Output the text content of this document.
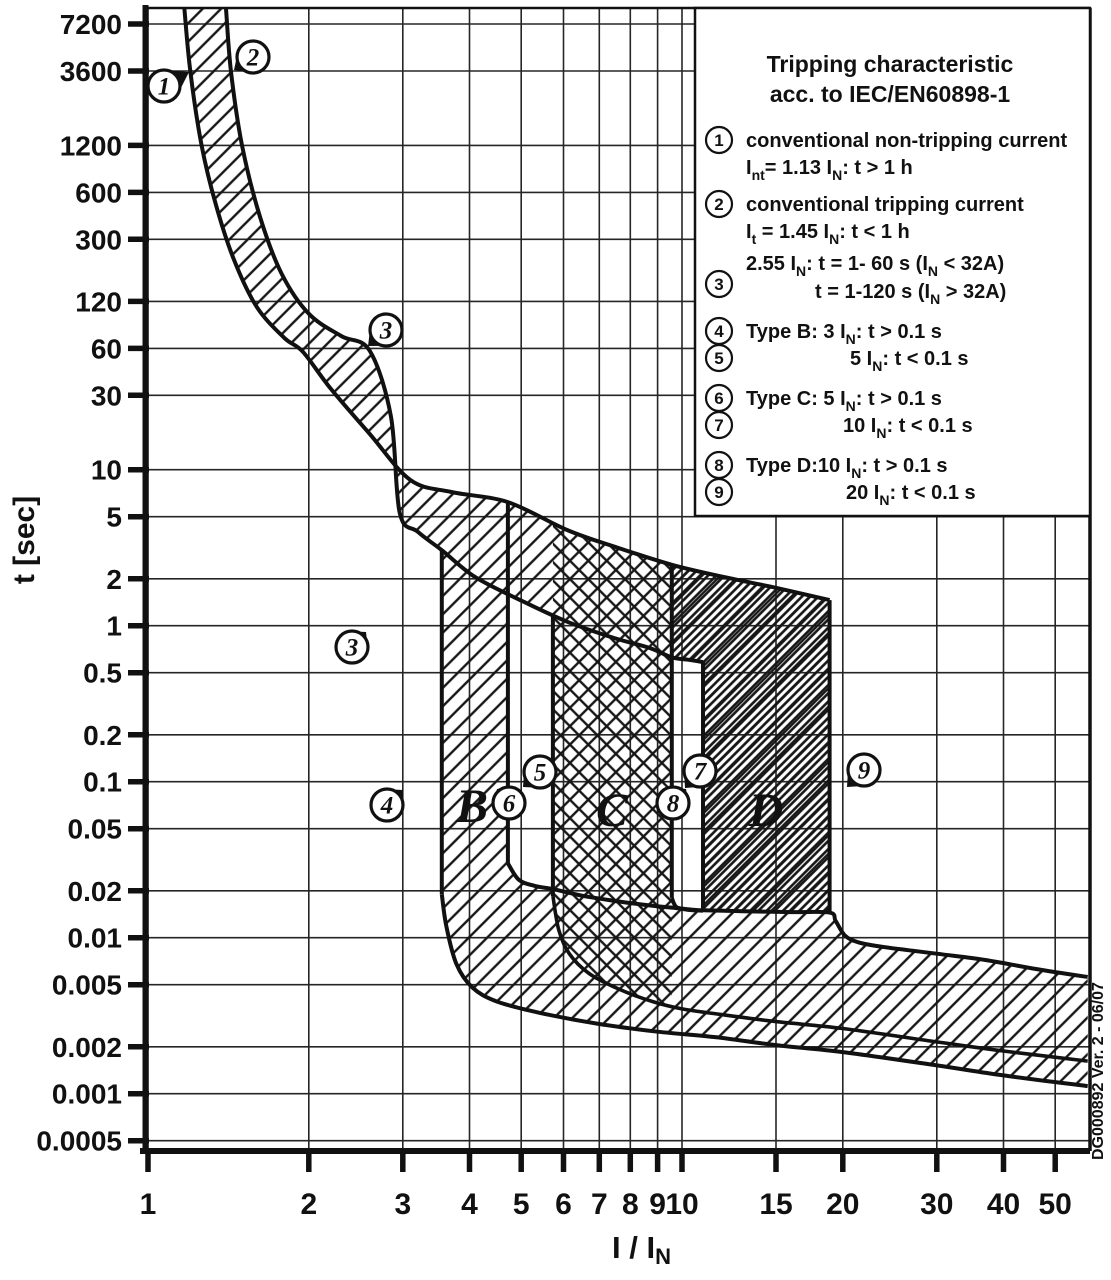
B C	D
1
2
3
3
4
5
6
7
8
9
7200
3600
1200
600
300
120
60
30
10
5
2
1
0.5
0.2
0.1
0.05
0.02
0.01
0.005
0.002
0.001
0.0005
1	2	3 4 5 6 7 8 9 10 15 20 30 40 50
Tripping characteristic
acc. to IEC/EN60898-1
1 conventional non-tripping current
$I_{nt}= 1.13$ $I_N$: t > 1 h
2 conventional tripping current
$I_t = 1.45$ $I_N$: t < 1 h
3
2.55 $I_N$: t = 1- 60 s $(I_N < 32A)$
t = 1-120 s $(I_N > 32A)$
4 Type B: 3 $I_N$: t > 0.1 s
5	5 $I_N$: t < 0.1 s
6 Type C: 5 $I_N$: t > 0.1 s
7	10 $I_N$: t < 0.1 s
8 Type D:10 $I_N$: t > 0.1 s
9	20 $I_N$: t < 0.1 s
t [sec]
I / IN
DG000892 Ver. 2 - 06/07
